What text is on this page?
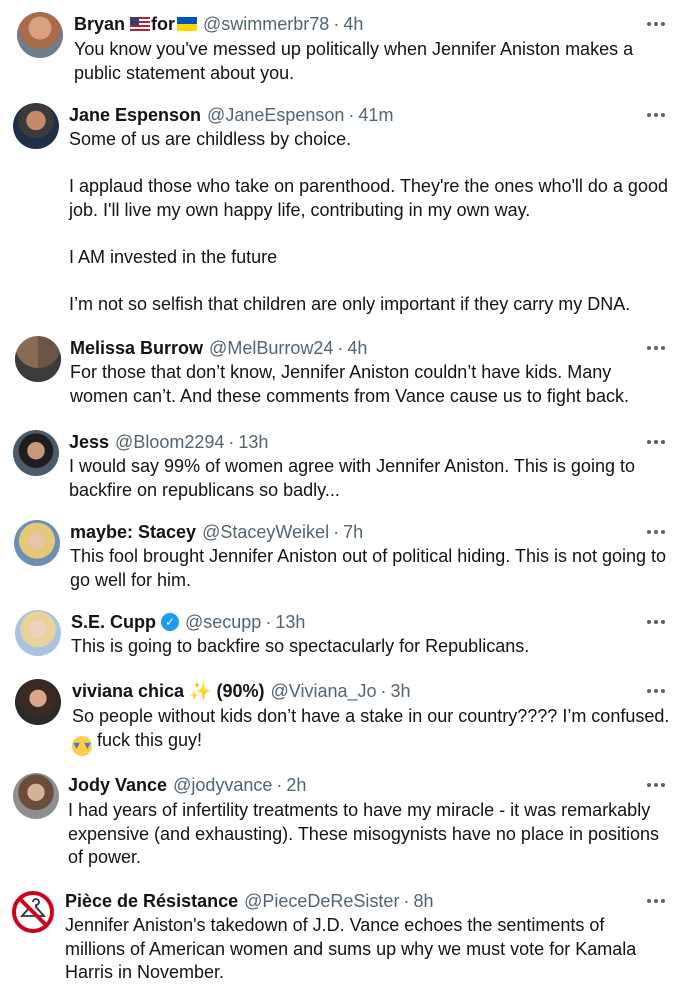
Bryan for @swimmerbr78 · 4h
You know you've messed up politically when Jennifer Aniston makes a
public statement about you.
Jane Espenson @JaneEspenson · 41m
Some of us are childless by choice.

I applaud those who take on parenthood. They're the ones who'll do a good
job. I'll live my own happy life, contributing in my own way.

I AM invested in the future

I’m not so selfish that children are only important if they carry my DNA.
Melissa Burrow @MelBurrow24 · 4h
For those that don’t know, Jennifer Aniston couldn’t have kids. Many
women can’t. And these comments from Vance cause us to fight back.
Jess @Bloom2294 · 13h
I would say 99% of women agree with Jennifer Aniston. This is going to
backfire on republicans so badly...
maybe: Stacey @StaceyWeikel · 7h
This fool brought Jennifer Aniston out of political hiding. This is not going to
go well for him.
S.E. Cupp ✓ @secupp · 13h
This is going to backfire so spectacularly for Republicans.
viviana chica ✨ (90%) @Viviana_Jo · 3h
So people without kids don’t have a stake in our country???? I’m confused.
▼▼ fuck this guy!
Jody Vance @jodyvance · 2h
I had years of infertility treatments to have my miracle - it was remarkably
expensive (and exhausting). These misogynists have no place in positions
of power.
Pièce de Résistance @PieceDeReSister · 8h
Jennifer Aniston's takedown of J.D. Vance echoes the sentiments of
millions of American women and sums up why we must vote for Kamala
Harris in November.
